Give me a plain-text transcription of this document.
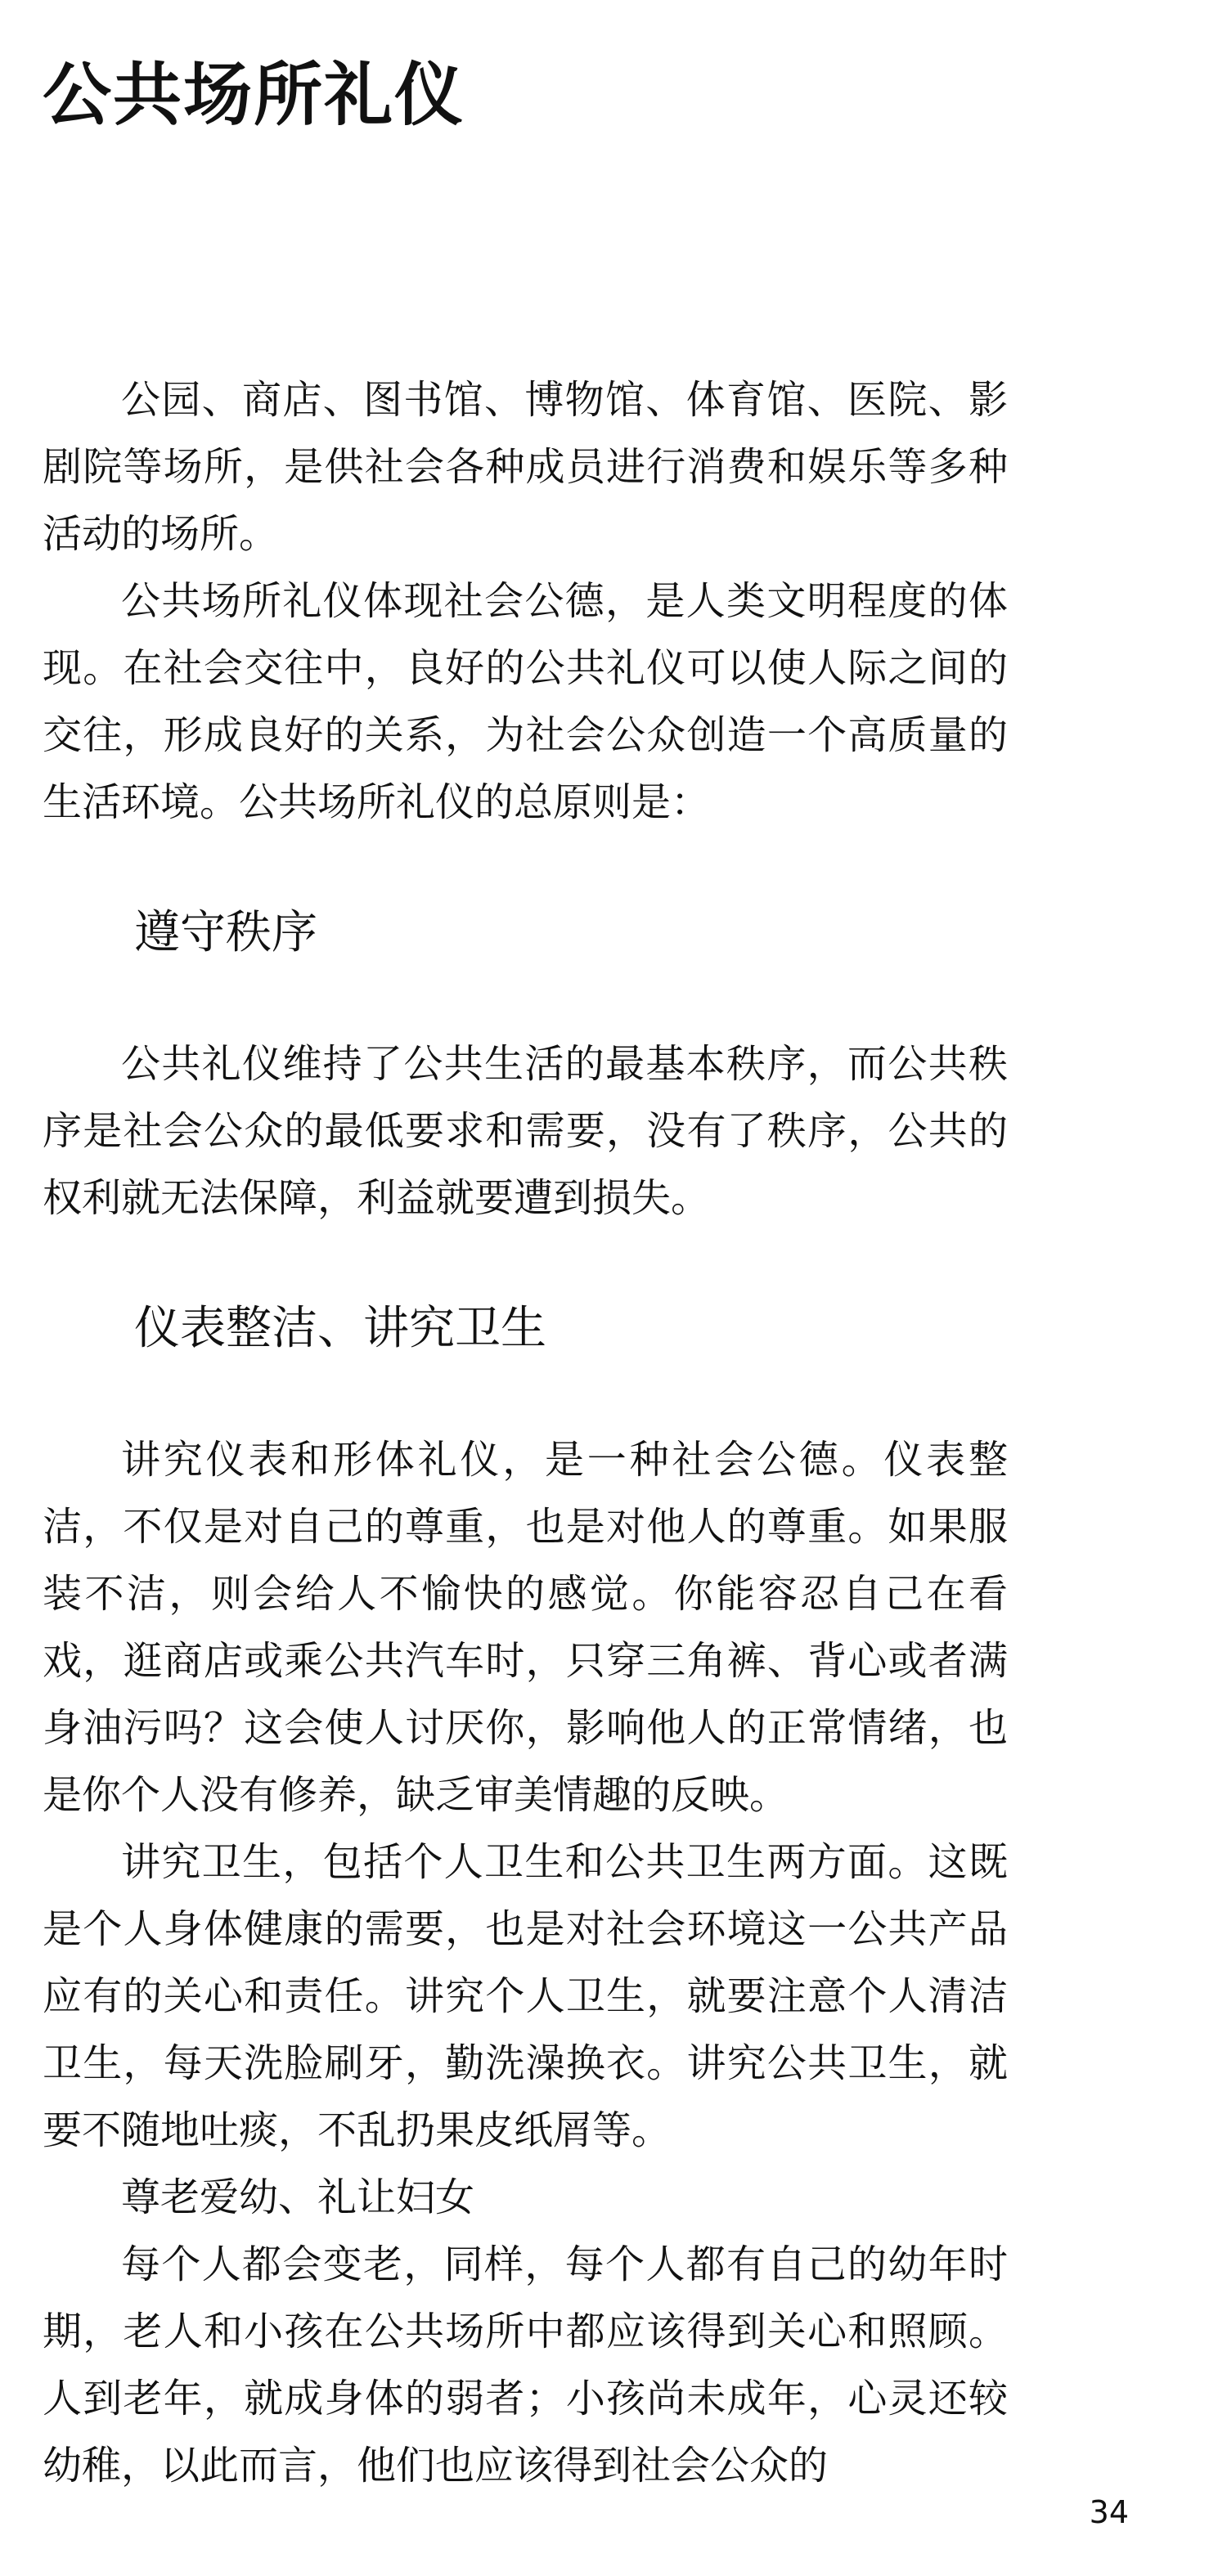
公共场所礼仪

公园、商店、图书馆、博物馆、体育馆、医院、影剧院等场所，是供社会各种成员进行消费和娱乐等多种活动的场所。

公共场所礼仪体现社会公德，是人类文明程度的体现。在社会交往中，良好的公共礼仪可以使人际之间的交往，形成良好的关系，为社会公众创造一个高质量的生活环境。公共场所礼仪的总原则是：

遵守秩序

公共礼仪维持了公共生活的最基本秩序，而公共秩序是社会公众的最低要求和需要，没有了秩序，公共的权利就无法保障，利益就要遭到损失。

仪表整洁、讲究卫生

讲究仪表和形体礼仪，是一种社会公德。仪表整洁，不仅是对自己的尊重，也是对他人的尊重。如果服装不洁，则会给人不愉快的感觉。你能容忍自己在看戏，逛商店或乘公共汽车时，只穿三角裤、背心或者满身油污吗？这会使人讨厌你，影响他人的正常情绪，也是你个人没有修养，缺乏审美情趣的反映。

讲究卫生，包括个人卫生和公共卫生两方面。这既是个人身体健康的需要，也是对社会环境这一公共产品应有的关心和责任。讲究个人卫生，就要注意个人清洁卫生，每天洗脸刷牙，勤洗澡换衣。讲究公共卫生，就要不随地吐痰，不乱扔果皮纸屑等。

尊老爱幼、礼让妇女

每个人都会变老，同样，每个人都有自己的幼年时期，老人和小孩在公共场所中都应该得到关心和照顾。人到老年，就成身体的弱者；小孩尚未成年，心灵还较幼稚，以此而言，他们也应该得到社会公众的

34
